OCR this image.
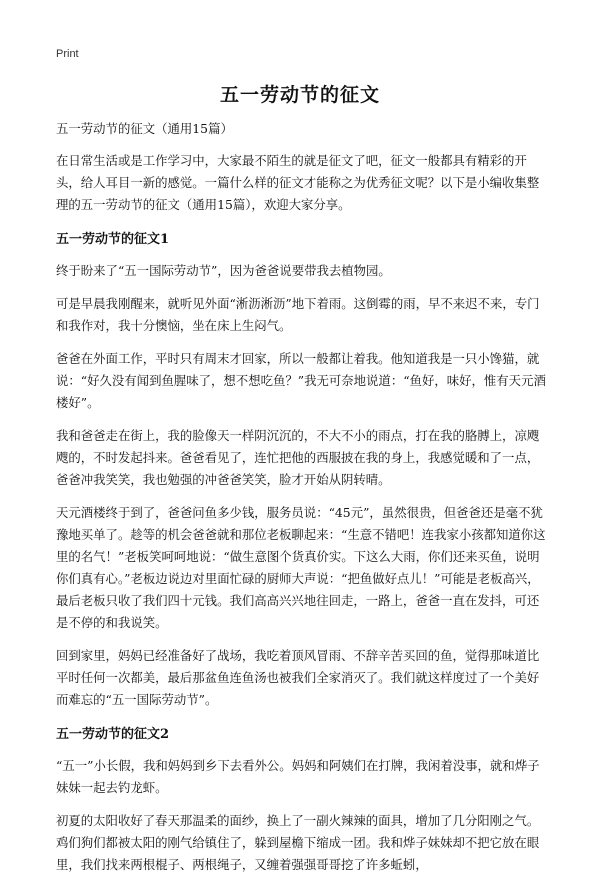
Print
五一劳动节的征文

五一劳动节的征文（通用15篇）

在日常生活或是工作学习中，大家最不陌生的就是征文了吧，征文一般都具有精彩的开头，给人耳目一新的感觉。一篇什么样的征文才能称之为优秀征文呢？以下是小编收集整理的五一劳动节的征文（通用15篇），欢迎大家分享。

五一劳动节的征文1

终于盼来了“五一国际劳动节”，因为爸爸说要带我去植物园。

可是早晨我刚醒来，就听见外面“淅沥淅沥”地下着雨。这倒霉的雨，早不来迟不来，专门和我作对，我十分懊恼，坐在床上生闷气。

爸爸在外面工作，平时只有周末才回家，所以一般都让着我。他知道我是一只小馋猫，就说：“好久没有闻到鱼腥味了，想不想吃鱼？”我无可奈地说道：“鱼好，味好，惟有天元酒楼好”。

我和爸爸走在街上，我的脸像天一样阴沉沉的，不大不小的雨点，打在我的胳膊上，凉飕飕的，不时发起抖来。爸爸看见了，连忙把他的西服披在我的身上，我感觉暖和了一点，爸爸冲我笑笑，我也勉强的冲爸爸笑笑，脸才开始从阴转晴。

天元酒楼终于到了，爸爸问鱼多少钱，服务员说：“45元”，虽然很贵，但爸爸还是毫不犹豫地买单了。趁等的机会爸爸就和那位老板聊起来：“生意不错吧！连我家小孩都知道你这里的名气！”老板笑呵呵地说：“做生意图个货真价实。下这么大雨，你们还来买鱼，说明你们真有心。”老板边说边对里面忙碌的厨师大声说：“把鱼做好点儿！”可能是老板高兴，最后老板只收了我们四十元钱。我们高高兴兴地往回走，一路上，爸爸一直在发抖，可还是不停的和我说笑。

回到家里，妈妈已经准备好了战场，我吃着顶风冒雨、不辞辛苦买回的鱼，觉得那味道比平时任何一次都美，最后那盆鱼连鱼汤也被我们全家消灭了。我们就这样度过了一个美好而难忘的“五一国际劳动节”。

五一劳动节的征文2

“五一”小长假，我和妈妈到乡下去看外公。妈妈和阿姨们在打牌，我闲着没事，就和烨子妹妹一起去钓龙虾。

初夏的太阳收好了春天那温柔的面纱，换上了一副火辣辣的面具，增加了几分阳刚之气。鸡们狗们都被太阳的刚气给镇住了，躲到屋檐下缩成一团。我和烨子妹妹却不把它放在眼里，我们找来两根棍子、两根绳子，又缠着强强哥哥挖了许多蚯蚓，
